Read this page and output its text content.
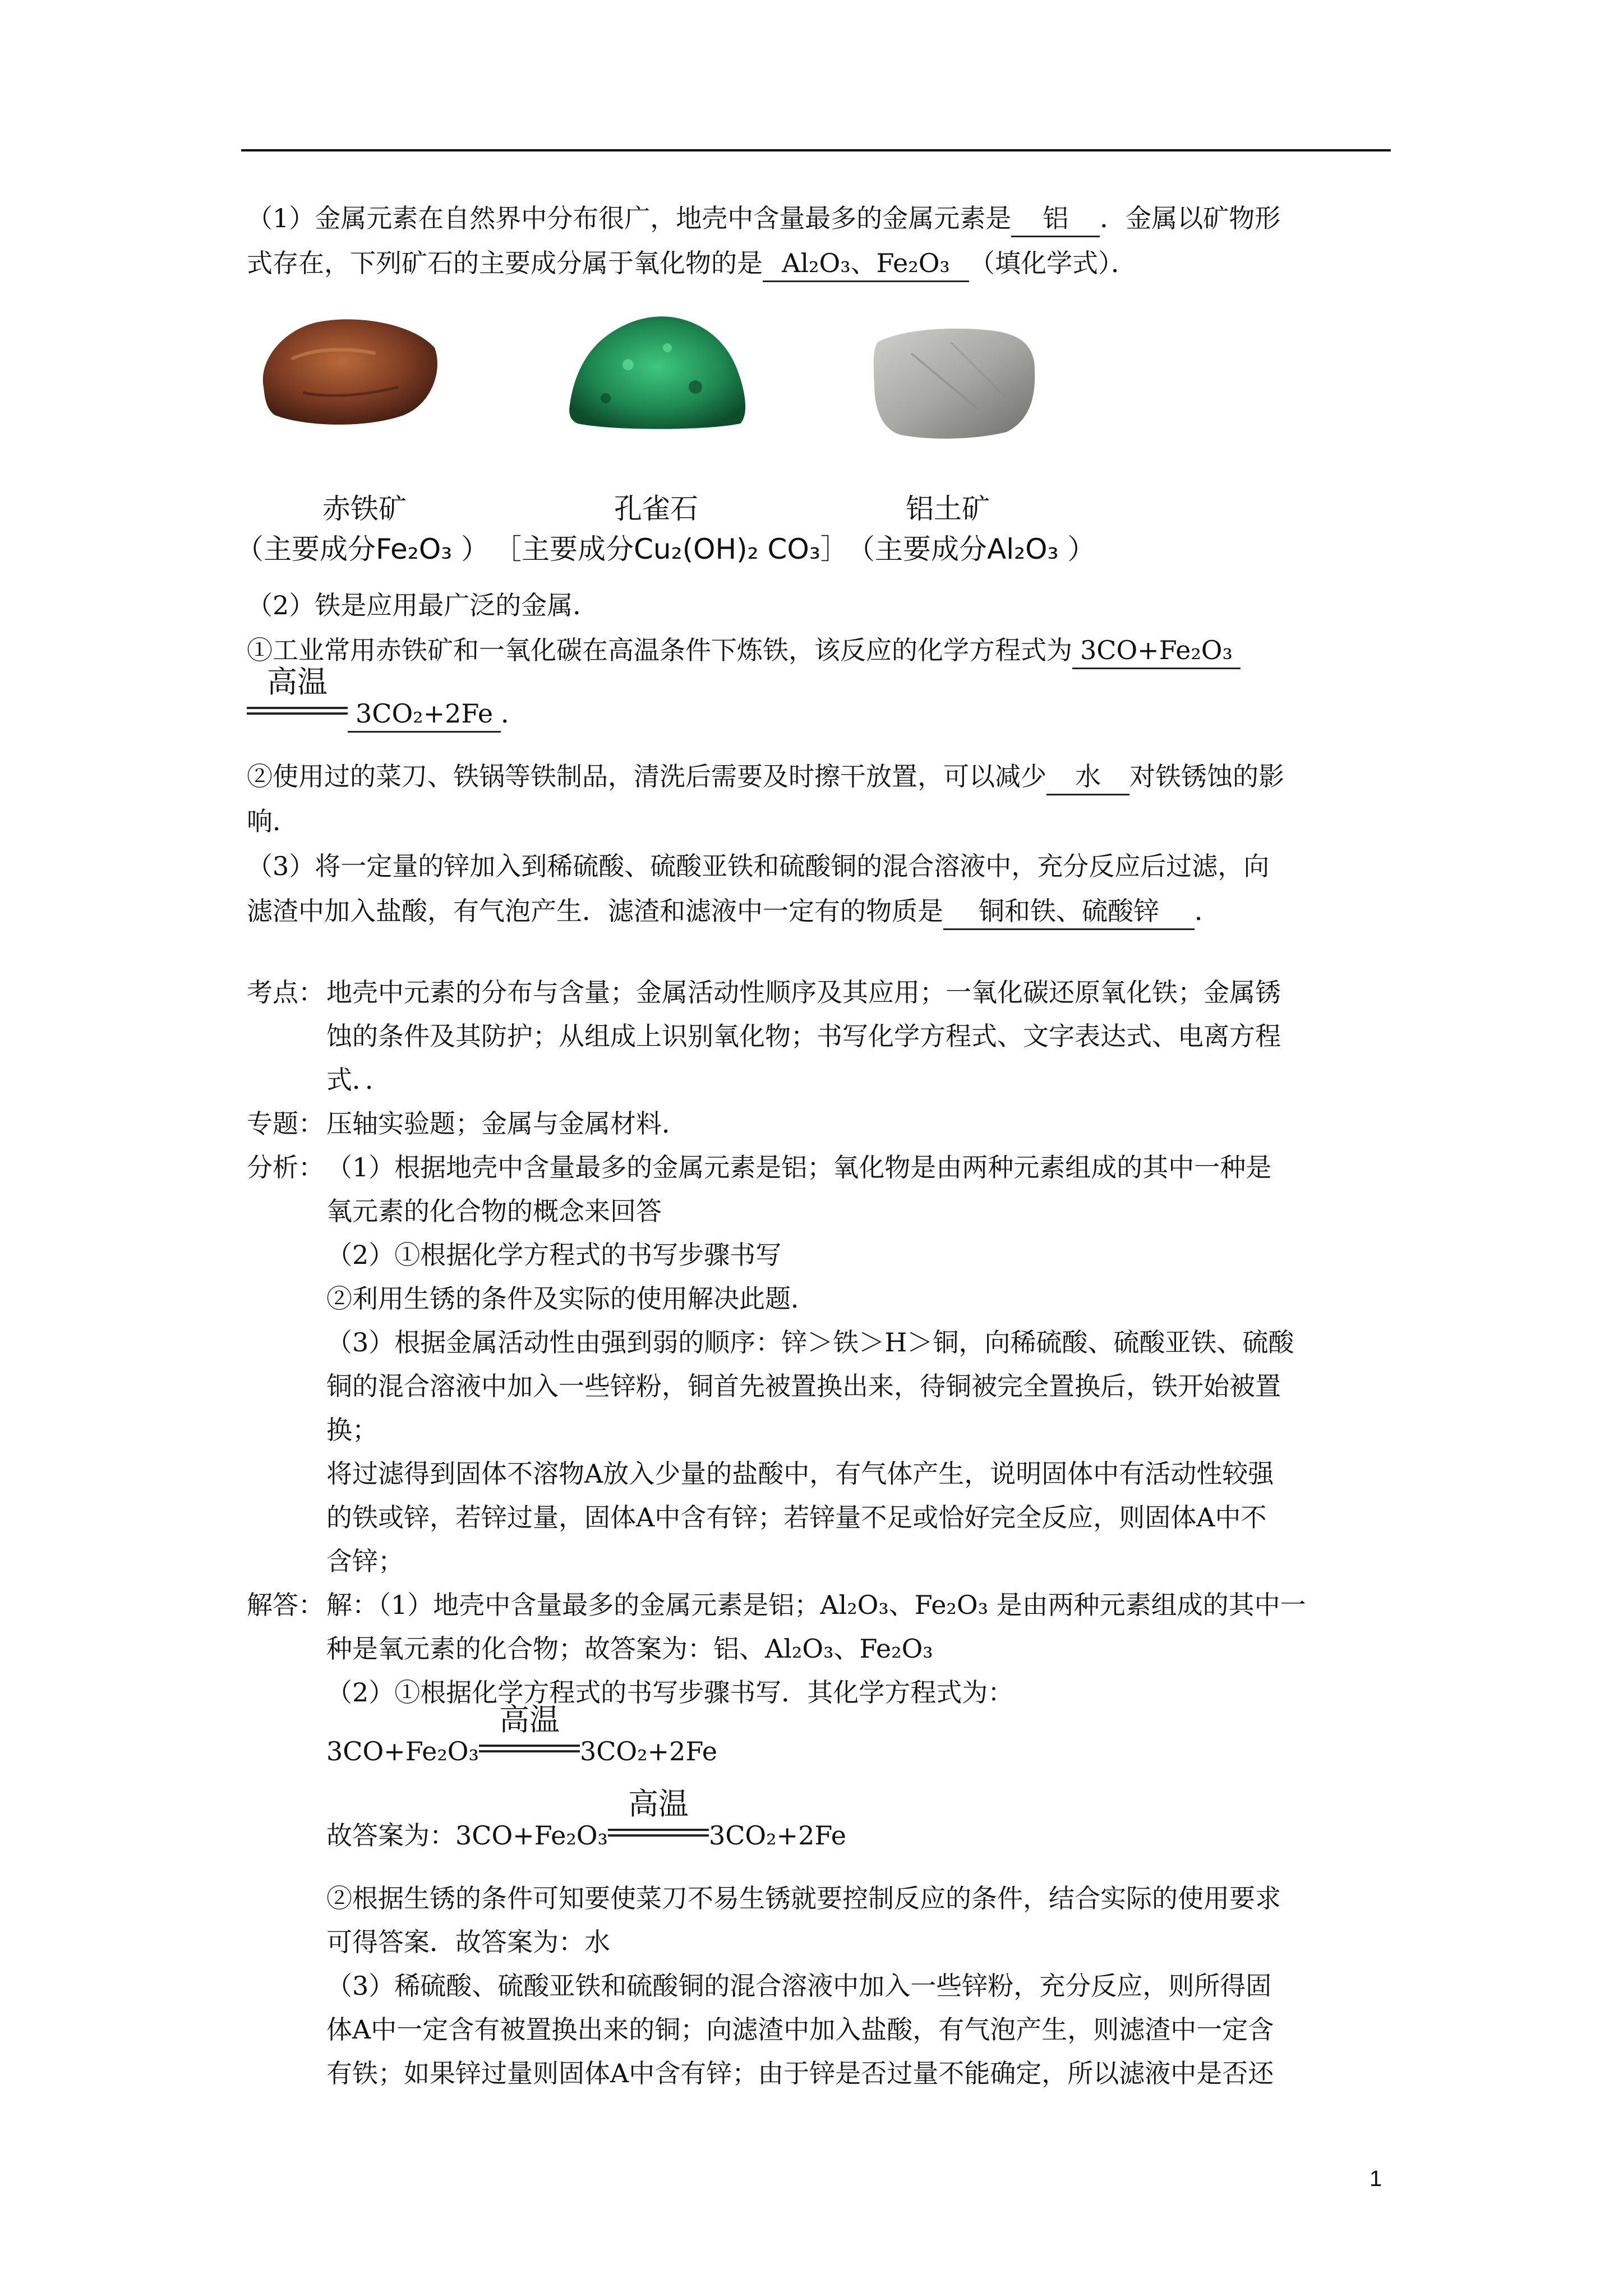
（1）金属元素在自然界中分布很广，地壳中含量最多的金属元素是 铝 ．金属以矿物形
式存在，下列矿石的主要成分属于氧化物的是 Al₂O₃、Fe₂O₃ （填化学式）．
赤铁矿	孔雀石	铝土矿
（主要成分Fe₂O₃ ） ［主要成分Cu₂(OH)₂ CO₃］
（主要成分Al₂O₃ ）
（2）铁是应用最广泛的金属．
①工业常用赤铁矿和一氧化碳在高温条件下炼铁，该反应的化学方程式为 3CO+Fe₂O₃
高温
3CO₂+2Fe ．
②使用过的菜刀、铁锅等铁制品，清洗后需要及时擦干放置，可以减少 水 对铁锈蚀的影
响．
（3）将一定量的锌加入到稀硫酸、硫酸亚铁和硫酸铜的混合溶液中，充分反应后过滤，向
滤渣中加入盐酸，有气泡产生．滤渣和滤液中一定有的物质是 铜和铁、硫酸锌 ．
考点： 地壳中元素的分布与含量；金属活动性顺序及其应用；一氧化碳还原氧化铁；金属锈
蚀的条件及其防护；从组成上识别氧化物；书写化学方程式、文字表达式、电离方程
式．．
专题： 压轴实验题；金属与金属材料．
分析： （1）根据地壳中含量最多的金属元素是铝；氧化物是由两种元素组成的其中一种是
氧元素的化合物的概念来回答
（2）①根据化学方程式的书写步骤书写
②利用生锈的条件及实际的使用解决此题．
（3）根据金属活动性由强到弱的顺序：锌＞铁＞H＞铜，向稀硫酸、硫酸亚铁、硫酸
铜的混合溶液中加入一些锌粉，铜首先被置换出来，待铜被完全置换后，铁开始被置
换；
将过滤得到固体不溶物A放入少量的盐酸中，有气体产生，说明固体中有活动性较强
的铁或锌，若锌过量，固体A中含有锌；若锌量不足或恰好完全反应，则固体A中不
含锌；
解答： 解：（1）地壳中含量最多的金属元素是铝；Al₂O₃、Fe₂O₃ 是由两种元素组成的其中一
种是氧元素的化合物；故答案为：铝、Al₂O₃、Fe₂O₃
（2）①根据化学方程式的书写步骤书写．其化学方程式为：
3CO+Fe₂O₃
高温
3CO₂+2Fe
故答案为：3CO+Fe₂O₃
高温
3CO₂+2Fe
②根据生锈的条件可知要使菜刀不易生锈就要控制反应的条件，结合实际的使用要求
可得答案．故答案为：水
（3）稀硫酸、硫酸亚铁和硫酸铜的混合溶液中加入一些锌粉，充分反应，则所得固
体A中一定含有被置换出来的铜；向滤渣中加入盐酸，有气泡产生，则滤渣中一定含
有铁；如果锌过量则固体A中含有锌；由于锌是否过量不能确定，所以滤液中是否还
1
